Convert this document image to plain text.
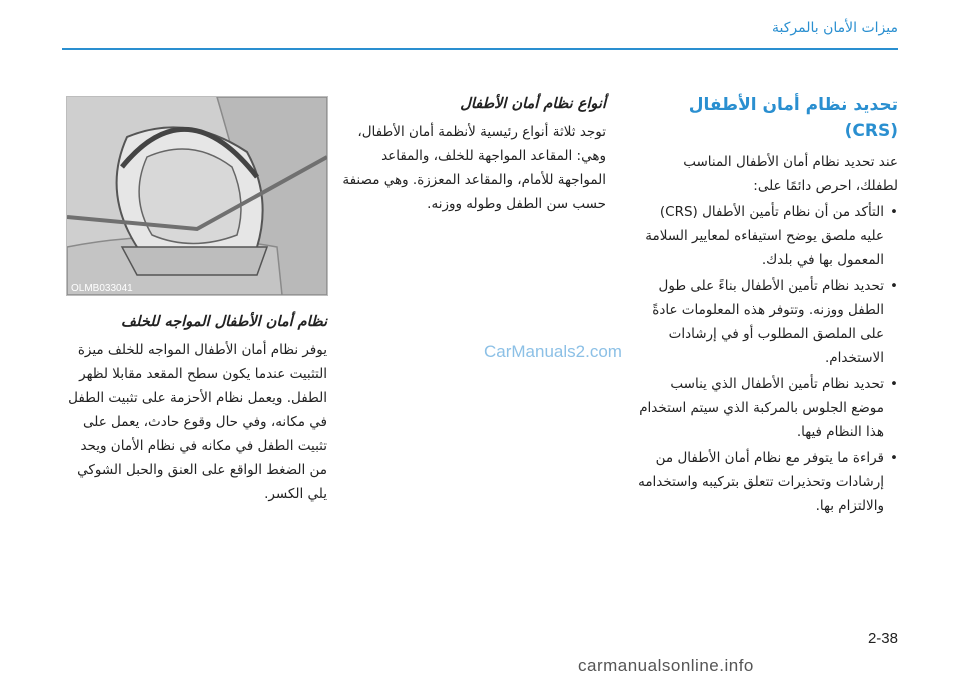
ميزات الأمان بالمركبة
تحديد نظام أمان الأطفال (CRS)

عند تحديد نظام أمان الأطفال المناسب لطفلك، احرص دائمًا على:

• التأكد من أن نظام تأمين الأطفال (CRS) عليه ملصق يوضح استيفاءه لمعايير السلامة المعمول بها في بلدك.
• تحديد نظام تأمين الأطفال بناءً على طول الطفل ووزنه. وتتوفر هذه المعلومات عادةً على الملصق المطلوب أو في إرشادات الاستخدام.
• تحديد نظام تأمين الأطفال الذي يناسب موضع الجلوس بالمركبة الذي سيتم استخدام هذا النظام فيها.
• قراءة ما يتوفر مع نظام أمان الأطفال من إرشادات وتحذيرات تتعلق بتركيبه واستخدامه والالتزام بها.
أنواع نظام أمان الأطفال

توجد ثلاثة أنواع رئيسية لأنظمة أمان الأطفال، وهي: المقاعد المواجهة للخلف، والمقاعد المواجهة للأمام، والمقاعد المعززة. وهي مصنفة حسب سن الطفل وطوله ووزنه.

OLMB033041
نظام أمان الأطفال المواجه للخلف

يوفر نظام أمان الأطفال المواجه للخلف ميزة التثبيت عندما يكون سطح المقعد مقابلا لظهر الطفل. ويعمل نظام الأحزمة على تثبيت الطفل في مكانه، وفي حال وقوع حادث، يعمل على تثبيت الطفل في مكانه في نظام الأمان ويحد من الضغط الواقع على العنق والحبل الشوكي يلي الكسر.

CarManuals2.com
2-38
carmanualsonline.info
